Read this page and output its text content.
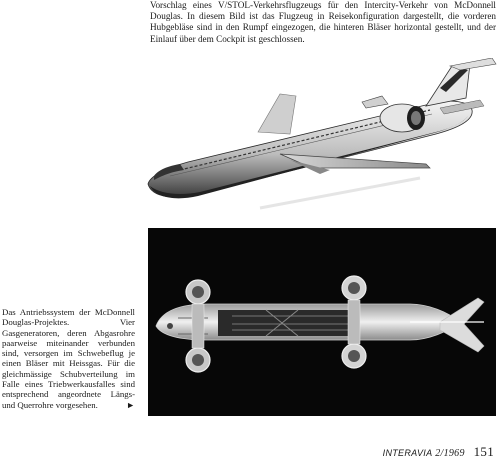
Vorschlag eines V/STOL-Verkehrsflugzeugs für den Intercity-Verkehr von McDonnell Douglas. In diesem Bild ist das Flugzeug in Reisekonfiguration dargestellt, die vorderen Hubgebläse sind in den Rumpf eingezogen, die hinteren Bläser horizontal gestellt, und der Einlauf über dem Cockpit ist geschlossen.
Das Antriebssystem der McDonnell Douglas-Projektes. Vier Gasgeneratoren, deren Abgasrohre paarweise miteinander verbunden sind, versorgen im Schwebeflug je einen Bläser mit Heissgas. Für die gleichmässige Schubverteilung im Falle eines Triebwerkausfalles sind entsprechend angeordnete Längs- und Querrohre vorgesehen.	►
INTERAVIA 2/1969 151
